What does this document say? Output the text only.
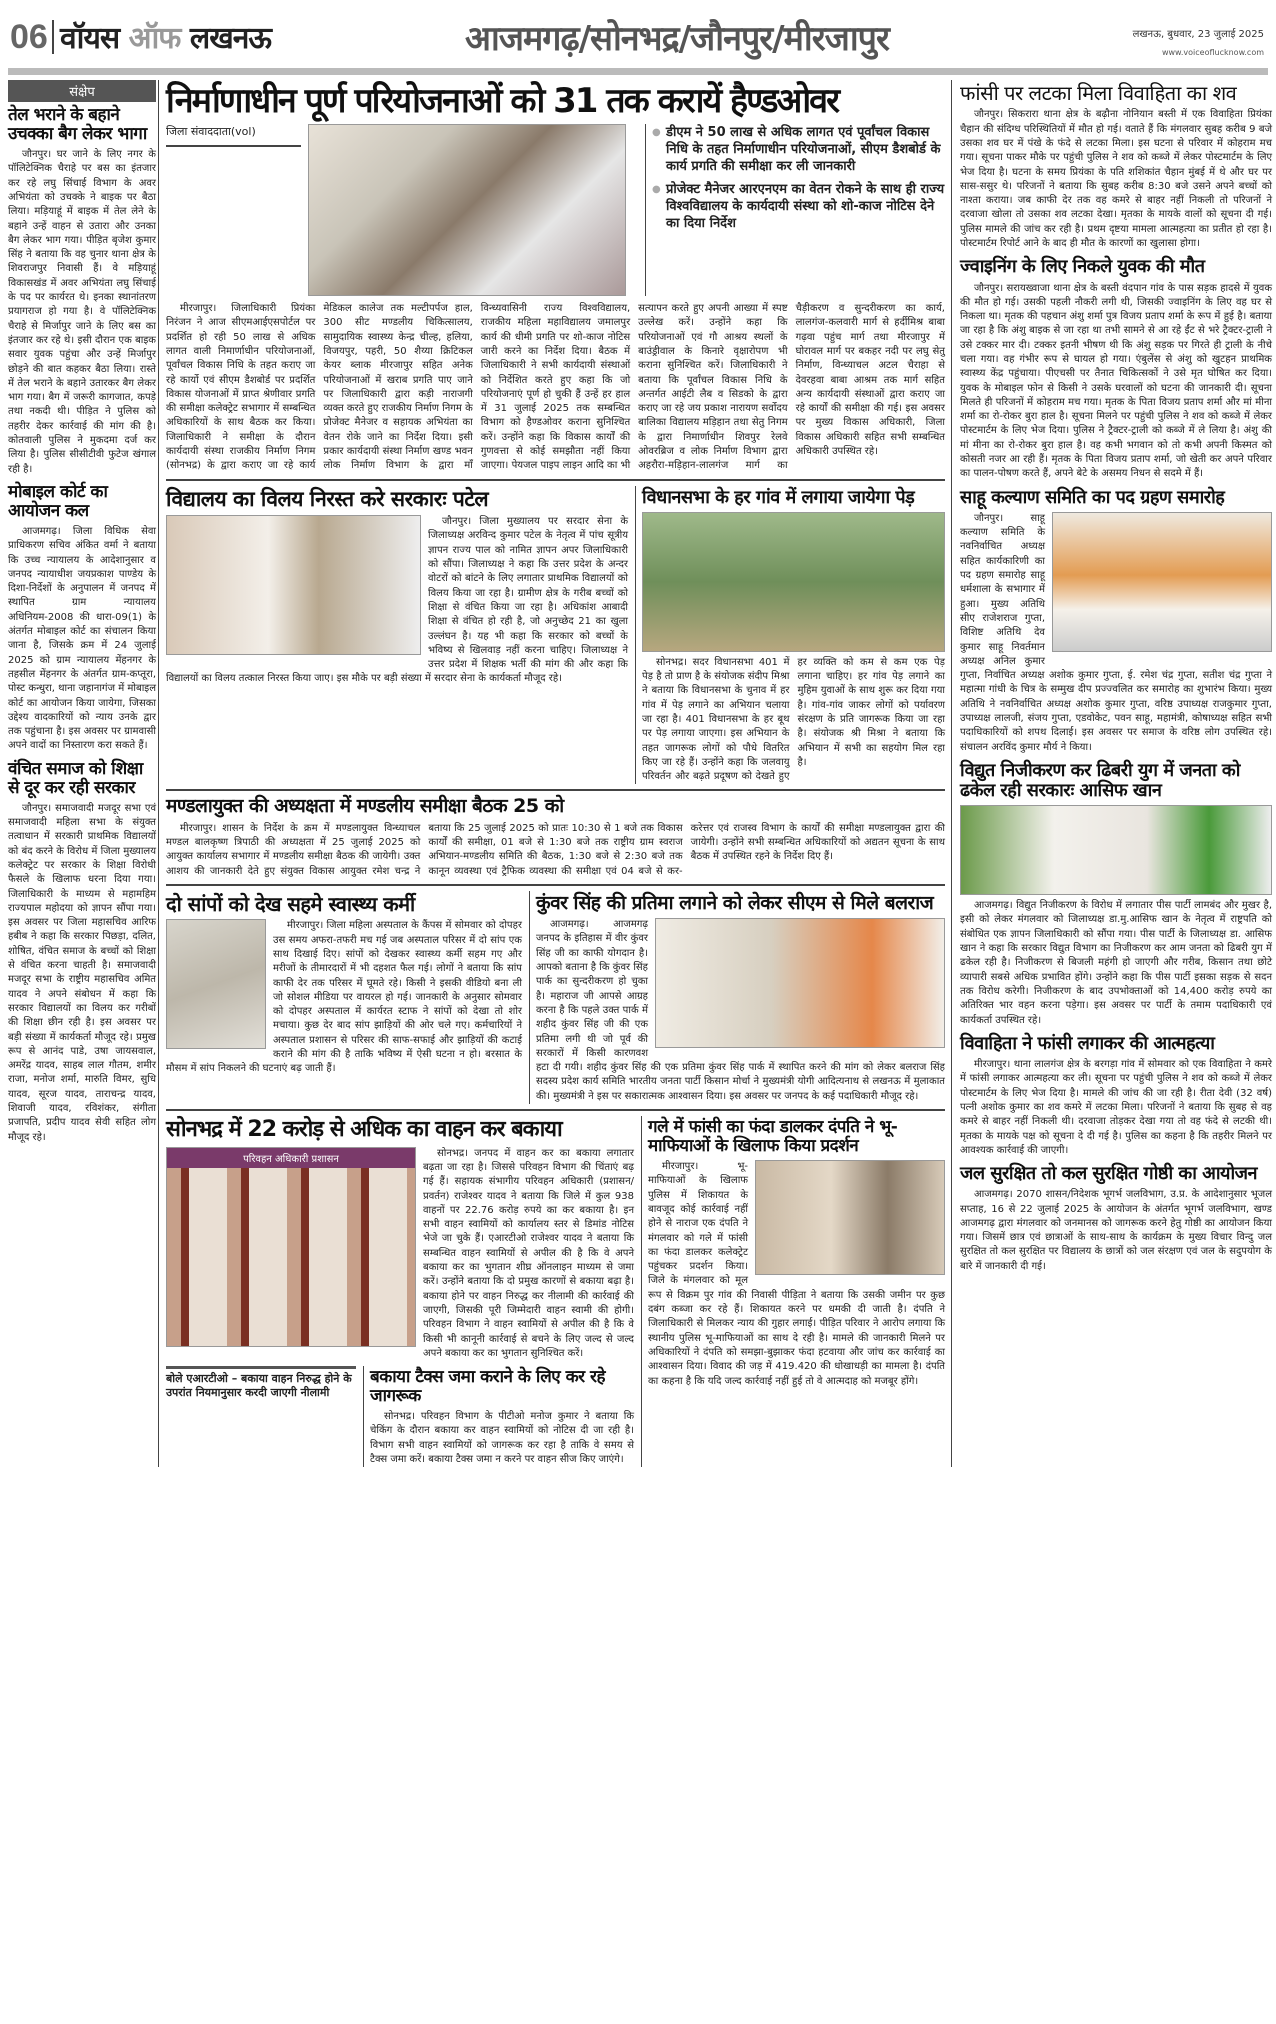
06 वॉयस ऑफ लखनऊ	आजमगढ़/सोनभद्र/जौनपुर/मीरजापुर	लखनऊ, बुधवार, 23 जुलाई 2025
www.voiceoflucknow.com
संक्षेप
तेल भराने के बहाने उचक्का बैग लेकर भागा

जौनपुर। घर जाने के लिए नगर के पॉलिटेक्निक चैराहे पर बस का इंतजार कर रहे लघु सिंचाई विभाग के अवर अभियंता को उचक्के ने बाइक पर बैठा लिया। मड़ियाहूं में बाइक में तेल लेने के बहाने उन्हें वाहन से उतारा और उनका बैग लेकर भाग गया। पीड़ित बृजेश कुमार सिंह ने बताया कि वह चुनार थाना क्षेत्र के शिवराजपुर निवासी हैं। वे मड़ियाहूं विकासखंड में अवर अभियंता लघु सिंचाई के पद पर कार्यरत थे। इनका स्थानांतरण प्रयागराज हो गया है। वे पॉलिटेक्निक चैराहे से मिर्जापुर जाने के लिए बस का इंतजार कर रहे थे। इसी दौरान एक बाइक सवार युवक पहुंचा और उन्हें मिर्जापुर छोड़ने की बात कहकर बैठा लिया। रास्ते में तेल भराने के बहाने उतारकर बैग लेकर भाग गया। बैग में जरूरी कागजात, कपड़े तथा नकदी थी। पीड़ित ने पुलिस को तहरीर देकर कार्रवाई की मांग की है। कोतवाली पुलिस ने मुकदमा दर्ज कर लिया है। पुलिस सीसीटीवी फुटेज खंगाल रही है।

मोबाइल कोर्ट का आयोजन कल

आजमगढ़। जिला विधिक सेवा प्राधिकरण सचिव अंकित वर्मा ने बताया कि उच्च न्यायालय के आदेशानुसार व जनपद न्यायाधीश जयप्रकाश पाण्डेय के दिशा-निर्देशों के अनुपालन में जनपद में स्थापित ग्राम न्यायालय अधिनियम-2008 की धारा-09(1) के अंतर्गत मोबाइल कोर्ट का संचालन किया जाना है, जिसके क्रम में 24 जुलाई 2025 को ग्राम न्यायालय मेंहनगर के तहसील मेंहनगर के अंतर्गत ग्राम-कप्तूरा, पोस्ट कन्धुरा, थाना जहानागंज में मोबाइल कोर्ट का आयोजन किया जायेगा, जिसका उद्देश्य वादकारियों को न्याय उनके द्वार तक पहुंचाना है। इस अवसर पर ग्रामवासी अपने वादों का निस्तारण करा सकते हैं।

वंचित समाज को शिक्षा से दूर कर रही सरकार

जौनपुर। समाजवादी मजदूर सभा एवं समाजवादी महिला सभा के संयुक्त तत्वाधान में सरकारी प्राथमिक विद्यालयों को बंद करने के विरोध में जिला मुख्यालय कलेक्ट्रेट पर सरकार के शिक्षा विरोधी फैसले के खिलाफ धरना दिया गया। जिलाधिकारी के माध्यम से महामहिम राज्यपाल महोदया को ज्ञापन सौंपा गया। इस अवसर पर जिला महासचिव आरिफ हबीब ने कहा कि सरकार पिछड़ा, दलित, शोषित, वंचित समाज के बच्चों को शिक्षा से वंचित करना चाहती है। समाजवादी मजदूर सभा के राष्ट्रीय महासचिव अमित यादव ने अपने संबोधन में कहा कि सरकार विद्यालयों का विलय कर गरीबों की शिक्षा छीन रही है। इस अवसर पर बड़ी संख्या में कार्यकर्ता मौजूद रहे। प्रमुख रूप से आनंद पाडे, उषा जायसवाल, अमरेंद्र यादव, साहब लाल गौतम, शमीर राजा, मनोज शर्मा, मारुति विमर, सुधि यादव, सूरज यादव, ताराचन्द्र यादव, शिवाजी यादव, रविशंकर, संगीता प्रजापति, प्रदीप यादव सेवी सहित लोग मौजूद रहे।

निर्माणाधीन पूर्ण परियोजनाओं को 31 तक करायें हैण्डओवर
जिला संवाददाता(vol)	● डीएम ने 50 लाख से अधिक लागत एवं पूर्वांचल विकास निधि के तहत निर्माणाधीन परियोजनाओं, सीएम डैशबोर्ड के कार्य प्रगति की समीक्षा कर ली जानकारी
● प्रोजेक्ट मैनेजर आरएनएम का वेतन रोकने के साथ ही राज्य विश्वविद्यालय के कार्यदायी संस्था को शो-काज नोटिस देने का दिया निर्देश

मीरजापुर। जिलाधिकारी प्रियंका निरंजन ने आज सीएमआईएसपोर्टल पर प्रदर्शित हो रही 50 लाख से अधिक लागत वाली निमार्णाधीन परियोजनाओं, पूर्वांचल विकास निधि के तहत कराए जा रहे कार्यो एवं सीएम डैशबोर्ड पर प्रदर्शित विकास योजनाओं में प्राप्त श्रेणीवार प्रगति की समीक्षा कलेक्ट्रेट सभागार में सम्बन्धित अधिकारियों के साथ बैठक कर किया। जिलाधिकारी ने समीक्षा के दौरान कार्यदायी संस्था राजकीय निर्माण निगम (सोनभद्र) के द्वारा कराए जा रहे कार्य मेडिकल कालेज तक मल्टीपर्पज हाल, 300 सीट मण्डलीय चिकित्सालय, सामुदायिक स्वास्थ्य केन्द्र चील्ह, हलिया, विजयपुर, पहरी, 50 शैय्या क्रिटिकल केयर ब्लाक मीरजापुर सहित अनेक परियोजनाओं में खराब प्रगति पाए जाने पर जिलाधिकारी द्वारा कड़ी नाराजगी व्यक्त करते हुए राजकीय निर्माण निगम के प्रोजेक्ट मैनेजर व सहायक अभियंता का वेतन रोके जाने का निर्देश दिया। इसी प्रकार कार्यदायी संस्था निर्माण खण्ड भवन लोक निर्माण विभाग के द्वारा माँ विन्ध्यवासिनी राज्य विश्वविद्यालय, राजकीय महिला महाविद्यालय जमालपुर कार्य की धीमी प्रगति पर शो-काज नोटिस जारी करने का निर्देश दिया। बैठक में जिलाधिकारी ने सभी कार्यदायी संस्थाओं को निर्देशित करते हुए कहा कि जो परियोजनाएं पूर्ण हो चुकी हैं उन्हें हर हाल में 31 जुलाई 2025 तक सम्बन्धित विभाग को हैण्डओवर कराना सुनिश्चित करें। उन्होंने कहा कि विकास कार्यों की गुणवत्ता से कोई समझौता नहीं किया जाएगा। पेयजल पाइप लाइन आदि का भी सत्यापन करते हुए अपनी आख्या में स्पष्ट उल्लेख करें। उन्होंने कहा कि परियोजनाओं एवं गौ आश्रय स्थलों के बाउंड्रीवाल के किनारे वृक्षारोपण भी कराना सुनिश्चित करें। जिलाधिकारी ने बताया कि पूर्वांचल विकास निधि के अन्तर्गत आईटी लैब व सिडको के द्वारा कराए जा रहे जय प्रकाश नारायण सर्वोदय बालिका विद्यालय मड़िहान तथा सेतु निगम के द्वारा निमार्णाधीन शिवपुर रेलवे ओवरब्रिज व लोक निर्माण विभाग द्वारा अहरौरा-मड़िहान-लालगंज मार्ग का चैड़ीकरण व सुन्दरीकरण का कार्य, लालगंज-कलवारी मार्ग से हर्दीमिश्र बाबा गढ़वा पहुंच मार्ग तथा मीरजापुर में घोरावल मार्ग पर बकहर नदी पर लघु सेतु निर्माण, विन्ध्याचल अटल चैराहा से देवरहवा बाबा आश्रम तक मार्ग सहित अन्य कार्यदायी संस्थाओं द्वारा कराए जा रहे कार्यों की समीक्षा की गई। इस अवसर पर मुख्य विकास अधिकारी, जिला विकास अधिकारी सहित सभी सम्बन्धित अधिकारी उपस्थित रहे।

विद्यालय का विलय निरस्त करे सरकारः पटेल

जौनपुर। जिला मुख्यालय पर सरदार सेना के जिलाध्यक्ष अरविन्द कुमार पटेल के नेतृत्व में पांच सूत्रीय ज्ञापन राज्य पाल को नामित ज्ञापन अपर जिलाधिकारी को सौंपा। जिलाध्यक्ष ने कहा कि उत्तर प्रदेश के अन्दर वोटरों को बांटने के लिए लगातार प्राथमिक विद्यालयों को विलय किया जा रहा है। ग्रामीण क्षेत्र के गरीब बच्चों को शिक्षा से वंचित किया जा रहा है। अधिकांश आबादी शिक्षा से वंचित हो रही है, जो अनुच्छेद 21 का खुला उल्लंघन है। यह भी कहा कि सरकार को बच्चों के भविष्य से खिलवाड़ नहीं करना चाहिए। जिलाध्यक्ष ने उत्तर प्रदेश में शिक्षक भर्ती की मांग की और कहा कि विद्यालयों का विलय तत्काल निरस्त किया जाए। इस मौके पर बड़ी संख्या में सरदार सेना के कार्यकर्ता मौजूद रहे।

विधानसभा के हर गांव में लगाया जायेगा पेड़

सोनभद्र। सदर विधानसभा 401 में पेड़ है तो प्राण है के संयोजक संदीप मिश्रा ने बताया कि विधानसभा के चुनाव में हर गांव में पेड़ लगाने का अभियान चलाया जा रहा है। 401 विधानसभा के हर बूथ पर पेड़ लगाया जाएगा। इस अभियान के तहत जागरूक लोगों को पौधे वितरित किए जा रहे हैं। उन्होंने कहा कि जलवायु परिवर्तन और बढ़ते प्रदूषण को देखते हुए हर व्यक्ति को कम से कम एक पेड़ लगाना चाहिए। हर गांव पेड़ लगाने का मुहिम युवाओं के साथ शुरू कर दिया गया है। गांव-गांव जाकर लोगों को पर्यावरण संरक्षण के प्रति जागरूक किया जा रहा है। संयोजक श्री मिश्रा ने बताया कि अभियान में सभी का सहयोग मिल रहा है।

मण्डलायुक्त की अध्यक्षता में मण्डलीय समीक्षा बैठक 25 को

मीरजापुर। शासन के निर्देश के क्रम में मण्डलायुक्त विन्ध्याचल मण्डल बालकृष्ण त्रिपाठी की अध्यक्षता में 25 जुलाई 2025 को आयुक्त कार्यालय सभागार में मण्डलीय समीक्षा बैठक की जायेगी। उक्त आशय की जानकारी देते हुए संयुक्त विकास आयुक्त रमेश चन्द्र ने बताया कि 25 जुलाई 2025 को प्रातः 10:30 से 1 बजे तक विकास कार्यों की समीक्षा, 01 बजे से 1:30 बजे तक राष्ट्रीय ग्राम स्वराज अभियान-मण्डलीय समिति की बैठक, 1:30 बजे से 2:30 बजे तक कानून व्यवस्था एवं ट्रैफिक व्यवस्था की समीक्षा एवं 04 बजे से कर-करेत्तर एवं राजस्व विभाग के कार्यों की समीक्षा मण्डलायुक्त द्वारा की जायेगी। उन्होंने सभी सम्बन्धित अधिकारियों को अद्यतन सूचना के साथ बैठक में उपस्थित रहने के निर्देश दिए हैं।

दो सांपों को देख सहमे स्वास्थ्य कर्मी

मीरजापुर। जिला महिला अस्पताल के कैंपस में सोमवार को दोपहर उस समय अफरा-तफरी मच गई जब अस्पताल परिसर में दो सांप एक साथ दिखाई दिए। सांपों को देखकर स्वास्थ्य कर्मी सहम गए और मरीजों के तीमारदारों में भी दहशत फैल गई। लोगों ने बताया कि सांप काफी देर तक परिसर में घूमते रहे। किसी ने इसकी वीडियो बना ली जो सोशल मीडिया पर वायरल हो गई। जानकारी के अनुसार सोमवार को दोपहर अस्पताल में कार्यरत स्टाफ ने सांपों को देखा तो शोर मचाया। कुछ देर बाद सांप झाड़ियों की ओर चले गए। कर्मचारियों ने अस्पताल प्रशासन से परिसर की साफ-सफाई और झाड़ियों की कटाई कराने की मांग की है ताकि भविष्य में ऐसी घटना न हो। बरसात के मौसम में सांप निकलने की घटनाएं बढ़ जाती हैं।

कुंवर सिंह की प्रतिमा लगाने को लेकर सीएम से मिले बलराज

आजमगढ़। आजमगढ़ जनपद के इतिहास में वीर कुंवर सिंह जी का काफी योगदान है। आपको बताना है कि कुंवर सिंह पार्क का सुन्दरीकरण हो चुका है। महाराज जी आपसे आग्रह करना है कि पहले उक्त पार्क में शहीद कुंवर सिंह जी की एक प्रतिमा लगी थी जो पूर्व की सरकारों में किसी कारणवश हटा दी गयी। शहीद कुंवर सिंह की एक प्रतिमा कुंवर सिंह पार्क में स्थापित करने की मांग को लेकर बलराज सिंह सदस्य प्रदेश कार्य समिति भारतीय जनता पार्टी किसान मोर्चा ने मुख्यमंत्री योगी आदित्यनाथ से लखनऊ में मुलाकात की। मुख्यमंत्री ने इस पर सकारात्मक आश्वासन दिया। इस अवसर पर जनपद के कई पदाधिकारी मौजूद रहे।

सोनभद्र में 22 करोड़ से अधिक का वाहन कर बकाया
परिवहन अधिकारी प्रशासन

सोनभद्र। जनपद में वाहन कर का बकाया लगातार बढ़ता जा रहा है। जिससे परिवहन विभाग की चिंताएं बढ़ गई हैं। सहायक संभागीय परिवहन अधिकारी (प्रशासन/प्रवर्तन) राजेश्वर यादव ने बताया कि जिले में कुल 938 वाहनों पर 22.76 करोड़ रुपये का कर बकाया है। इन सभी वाहन स्वामियों को कार्यालय स्तर से डिमांड नोटिस भेजे जा चुके हैं। एआरटीओ राजेश्वर यादव ने बताया कि सम्बन्धित वाहन स्वामियों से अपील की है कि वे अपने बकाया कर का भुगतान शीघ्र ऑनलाइन माध्यम से जमा करें। उन्होंने बताया कि दो प्रमुख कारणों से बकाया बढ़ा है। बकाया होने पर वाहन निरुद्ध कर नीलामी की कार्रवाई की जाएगी, जिसकी पूरी जिम्मेदारी वाहन स्वामी की होगी। परिवहन विभाग ने वाहन स्वामियों से अपील की है कि वे किसी भी कानूनी कार्रवाई से बचने के लिए जल्द से जल्द अपने बकाया कर का भुगतान सुनिश्चित करें।

बोले एआरटीओ – बकाया वाहन निरुद्ध होने के उपरांत नियमानुसार करदी जाएगी नीलामी
बकाया टैक्स जमा कराने के लिए कर रहे जागरूक

सोनभद्र। परिवहन विभाग के पीटीओ मनोज कुमार ने बताया कि चेकिंग के दौरान बकाया कर वाहन स्वामियों को नोटिस दी जा रही है। विभाग सभी वाहन स्वामियों को जागरूक कर रहा है ताकि वे समय से टैक्स जमा करें। बकाया टैक्स जमा न करने पर वाहन सीज किए जाएंगे।

गले में फांसी का फंदा डालकर दंपति ने भू-माफियाओं के खिलाफ किया प्रदर्शन

मीरजापुर। भू-माफियाओं के खिलाफ पुलिस में शिकायत के बावजूद कोई कार्रवाई नहीं होने से नाराज एक दंपति ने मंगलवार को गले में फांसी का फंदा डालकर कलेक्ट्रेट पहुंचकर प्रदर्शन किया। जिले के मंगलवार को मूल रूप से विक्रम पुर गांव की निवासी पीड़िता ने बताया कि उसकी जमीन पर कुछ दबंग कब्जा कर रहे हैं। शिकायत करने पर धमकी दी जाती है। दंपति ने जिलाधिकारी से मिलकर न्याय की गुहार लगाई। पीड़ित परिवार ने आरोप लगाया कि स्थानीय पुलिस भू-माफियाओं का साथ दे रही है। मामले की जानकारी मिलने पर अधिकारियों ने दंपति को समझा-बुझाकर फंदा हटवाया और जांच कर कार्रवाई का आश्वासन दिया। विवाद की जड़ में 419.420 की धोखाधड़ी का मामला है। दंपति का कहना है कि यदि जल्द कार्रवाई नहीं हुई तो वे आत्मदाह को मजबूर होंगे।

फांसी पर लटका मिला विवाहिता का शव

जौनपुर। सिकरारा थाना क्षेत्र के बढ़ौना नोनियान बस्ती में एक विवाहिता प्रियंका चैहान की संदिग्ध परिस्थितियों में मौत हो गई। वताते हैं कि मंगलवार सुबह करीब 9 बजे उसका शव घर में पंखे के फंदे से लटका मिला। इस घटना से परिवार में कोहराम मच गया। सूचना पाकर मौके पर पहुंची पुलिस ने शव को कब्जे में लेकर पोस्टमार्टम के लिए भेज दिया है। घटना के समय प्रियंका के पति शशिकांत चैहान मुंबई में थे और घर पर सास-ससुर थे। परिजनों ने बताया कि सुबह करीब 8:30 बजे उसने अपने बच्चों को नाश्ता कराया। जब काफी देर तक वह कमरे से बाहर नहीं निकली तो परिजनों ने दरवाजा खोला तो उसका शव लटका देखा। मृतका के मायके वालों को सूचना दी गई। पुलिस मामले की जांच कर रही है। प्रथम दृष्टया मामला आत्महत्या का प्रतीत हो रहा है। पोस्टमार्टम रिपोर्ट आने के बाद ही मौत के कारणों का खुलासा होगा।

ज्वाइनिंग के लिए निकले युवक की मौत

जौनपुर। सरायख्वाजा थाना क्षेत्र के बस्ती वंदपान गांव के पास सड़क हादसे में युवक की मौत हो गई। उसकी पहली नौकरी लगी थी, जिसकी ज्वाइनिंग के लिए वह घर से निकला था। मृतक की पहचान अंशु शर्मा पुत्र विजय प्रताप शर्मा के रूप में हुई है। बताया जा रहा है कि अंशु बाइक से जा रहा था तभी सामने से आ रहे ईंट से भरे ट्रैक्टर-ट्राली ने उसे टक्कर मार दी। टक्कर इतनी भीषण थी कि अंशु सड़क पर गिरते ही ट्राली के नीचे चला गया। वह गंभीर रूप से घायल हो गया। एंबुलेंस से अंशु को खुटहन प्राथमिक स्वास्थ्य केंद्र पहुंचाया। पीएचसी पर तैनात चिकित्सकों ने उसे मृत घोषित कर दिया। युवक के मोबाइल फोन से किसी ने उसके घरवालों को घटना की जानकारी दी। सूचना मिलते ही परिजनों में कोहराम मच गया। मृतक के पिता विजय प्रताप शर्मा और मां मीना शर्मा का रो-रोकर बुरा हाल है। सूचना मिलने पर पहुंची पुलिस ने शव को कब्जे में लेकर पोस्टमार्टम के लिए भेज दिया। पुलिस ने ट्रैक्टर-ट्राली को कब्जे में ले लिया है। अंशु की मां मीना का रो-रोकर बुरा हाल है। वह कभी भगवान को तो कभी अपनी किस्मत को कोसती नजर आ रही हैं। मृतक के पिता विजय प्रताप शर्मा, जो खेती कर अपने परिवार का पालन-पोषण करते हैं, अपने बेटे के असमय निधन से सदमे में हैं।

साहू कल्याण समिति का पद ग्रहण समारोह

जौनपुर। साहू कल्याण समिति के नवनिर्वाचित अध्यक्ष सहित कार्यकारिणी का पद ग्रहण समारोह साहू धर्मशाला के सभागार में हुआ। मुख्य अतिथि सीए राजेशराज गुप्ता, विशिष्ट अतिथि देव कुमार साहू निवर्तमान अध्यक्ष अनिल कुमार गुप्ता, निर्वाचित अध्यक्ष अशोक कुमार गुप्ता, ई. रमेश चंद्र गुप्ता, सतीश चंद्र गुप्ता ने महात्मा गांधी के चित्र के सम्मुख दीप प्रज्ज्वलित कर समारोह का शुभारंभ किया। मुख्य अतिथि ने नवनिर्वाचित अध्यक्ष अशोक कुमार गुप्ता, वरिष्ठ उपाध्यक्ष राजकुमार गुप्ता, उपाध्यक्ष लालजी, संजय गुप्ता, एडवोकेट, पवन साहू, महामंत्री, कोषाध्यक्ष सहित सभी पदाधिकारियों को शपथ दिलाई। इस अवसर पर समाज के वरिष्ठ लोग उपस्थित रहे। संचालन अरविंद कुमार मौर्य ने किया।

विद्युत निजीकरण कर ढिबरी युग में जनता को ढकेल रही सरकारः आसिफ खान

आजमगढ़। विद्युत निजीकरण के विरोध में लगातार पीस पार्टी लामबंद और मुखर है, इसी को लेकर मंगलवार को जिलाध्यक्ष डा.मु.आसिफ खान के नेतृत्व में राष्ट्रपति को संबोधित एक ज्ञापन जिलाधिकारी को सौंपा गया। पीस पार्टी के जिलाध्यक्ष डा. आसिफ खान ने कहा कि सरकार विद्युत विभाग का निजीकरण कर आम जनता को ढिबरी युग में ढकेल रही है। निजीकरण से बिजली महंगी हो जाएगी और गरीब, किसान तथा छोटे व्यापारी सबसे अधिक प्रभावित होंगे। उन्होंने कहा कि पीस पार्टी इसका सड़क से सदन तक विरोध करेगी। निजीकरण के बाद उपभोक्ताओं को 14,400 करोड़ रुपये का अतिरिक्त भार वहन करना पड़ेगा। इस अवसर पर पार्टी के तमाम पदाधिकारी एवं कार्यकर्ता उपस्थित रहे।

विवाहिता ने फांसी लगाकर की आत्महत्या

मीरजापुर। थाना लालगंज क्षेत्र के बरगड़ा गांव में सोमवार को एक विवाहिता ने कमरे में फांसी लगाकर आत्महत्या कर ली। सूचना पर पहुंची पुलिस ने शव को कब्जे में लेकर पोस्टमार्टम के लिए भेज दिया है। मामले की जांच की जा रही है। रीता देवी (32 वर्ष) पत्नी अशोक कुमार का शव कमरे में लटका मिला। परिजनों ने बताया कि सुबह से वह कमरे से बाहर नहीं निकली थी। दरवाजा तोड़कर देखा गया तो वह फंदे से लटकी थी। मृतका के मायके पक्ष को सूचना दे दी गई है। पुलिस का कहना है कि तहरीर मिलने पर आवश्यक कार्रवाई की जाएगी।

जल सुरक्षित तो कल सुरक्षित गोष्ठी का आयोजन

आजमगढ़। 2070 शासन/निदेशक भूगर्भ जलविभाग, उ.प्र. के आदेशानुसार भूजल सप्ताह, 16 से 22 जुलाई 2025 के आयोजन के अंतर्गत भूगर्भ जलविभाग, खण्ड आजमगढ़ द्वारा मंगलवार को जनमानस को जागरूक करने हेतु गोष्ठी का आयोजन किया गया। जिसमें छात्र एवं छात्राओं के साथ-साथ के कार्यक्रम के मुख्य विचार विन्दु जल सुरक्षित तो कल सुरक्षित पर विद्यालय के छात्रों को जल संरक्षण एवं जल के सदुपयोग के बारे में जानकारी दी गई।
